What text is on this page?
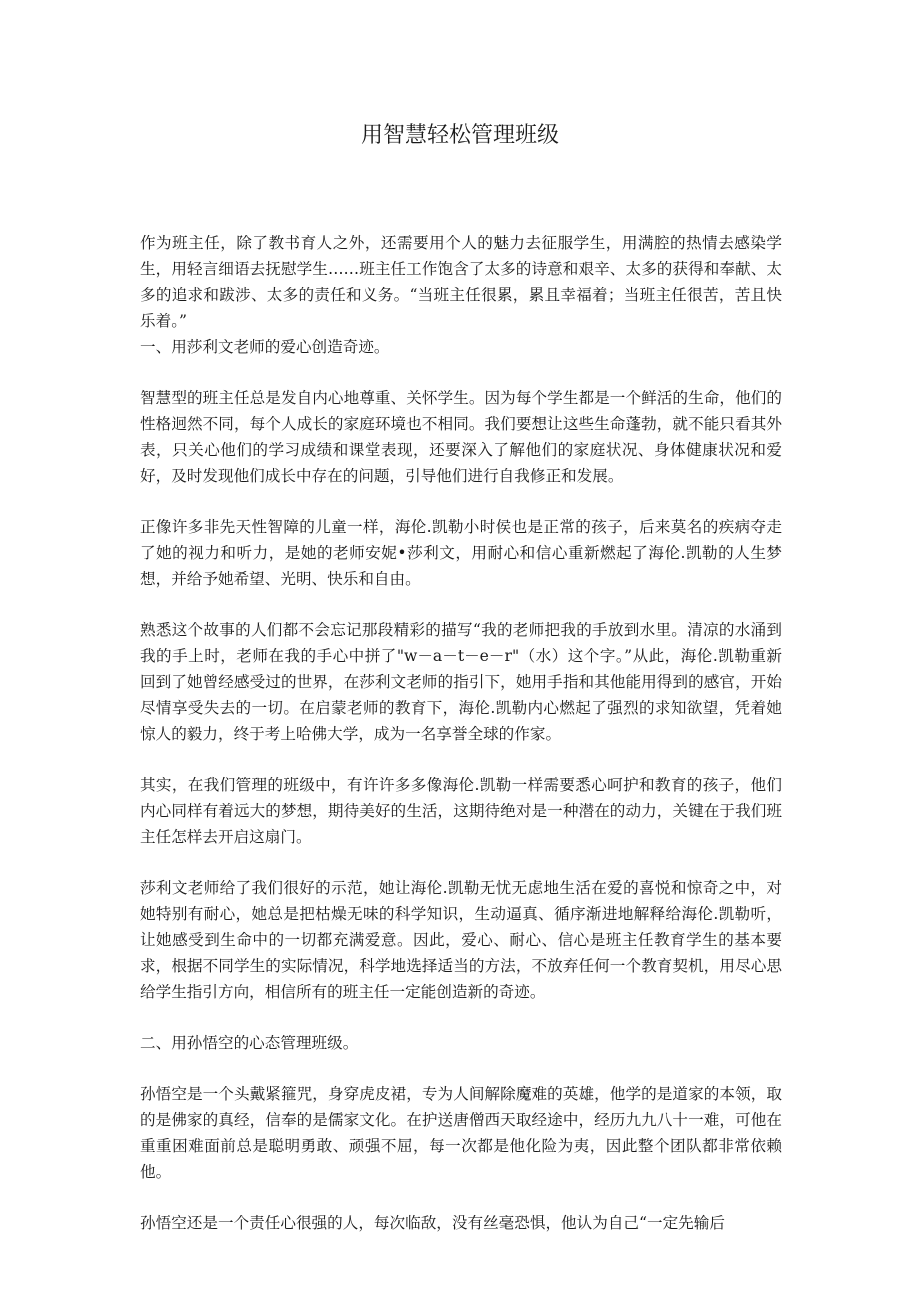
用智慧轻松管理班级

作为班主任，除了教书育人之外，还需要用个人的魅力去征服学生，用满腔的热情去感染学生，用轻言细语去抚慰学生……班主任工作饱含了太多的诗意和艰辛、太多的获得和奉献、太多的追求和跋涉、太多的责任和义务。“当班主任很累，累且幸福着；当班主任很苦，苦且快乐着。”

一、用莎利文老师的爱心创造奇迹。

智慧型的班主任总是发自内心地尊重、关怀学生。因为每个学生都是一个鲜活的生命，他们的性格迥然不同，每个人成长的家庭环境也不相同。我们要想让这些生命蓬勃，就不能只看其外表，只关心他们的学习成绩和课堂表现，还要深入了解他们的家庭状况、身体健康状况和爱好，及时发现他们成长中存在的问题，引导他们进行自我修正和发展。

正像许多非先天性智障的儿童一样，海伦.凯勒小时侯也是正常的孩子，后来莫名的疾病夺走了她的视力和听力，是她的老师安妮•莎利文，用耐心和信心重新燃起了海伦.凯勒的人生梦想，并给予她希望、光明、快乐和自由。

熟悉这个故事的人们都不会忘记那段精彩的描写“我的老师把我的手放到水里。清凉的水涌到我的手上时，老师在我的手心中拼了"w－a－t－e－r"（水）这个字。”从此，海伦.凯勒重新回到了她曾经感受过的世界，在莎利文老师的指引下，她用手指和其他能用得到的感官，开始尽情享受失去的一切。在启蒙老师的教育下，海伦.凯勒内心燃起了强烈的求知欲望，凭着她惊人的毅力，终于考上哈佛大学，成为一名享誉全球的作家。

其实，在我们管理的班级中，有许许多多像海伦.凯勒一样需要悉心呵护和教育的孩子，他们内心同样有着远大的梦想，期待美好的生活，这期待绝对是一种潜在的动力，关键在于我们班主任怎样去开启这扇门。

莎利文老师给了我们很好的示范，她让海伦.凯勒无忧无虑地生活在爱的喜悦和惊奇之中，对她特别有耐心，她总是把枯燥无味的科学知识，生动逼真、循序渐进地解释给海伦.凯勒听，让她感受到生命中的一切都充满爱意。因此，爱心、耐心、信心是班主任教育学生的基本要求，根据不同学生的实际情况，科学地选择适当的方法，不放弃任何一个教育契机，用尽心思给学生指引方向，相信所有的班主任一定能创造新的奇迹。

二、用孙悟空的心态管理班级。

孙悟空是一个头戴紧箍咒，身穿虎皮裙，专为人间解除魔难的英雄，他学的是道家的本领，取的是佛家的真经，信奉的是儒家文化。在护送唐僧西天取经途中，经历九九八十一难，可他在重重困难面前总是聪明勇敢、顽强不屈，每一次都是他化险为夷，因此整个团队都非常依赖他。

孙悟空还是一个责任心很强的人，每次临敌，没有丝毫恐惧，他认为自己“一定先输后
